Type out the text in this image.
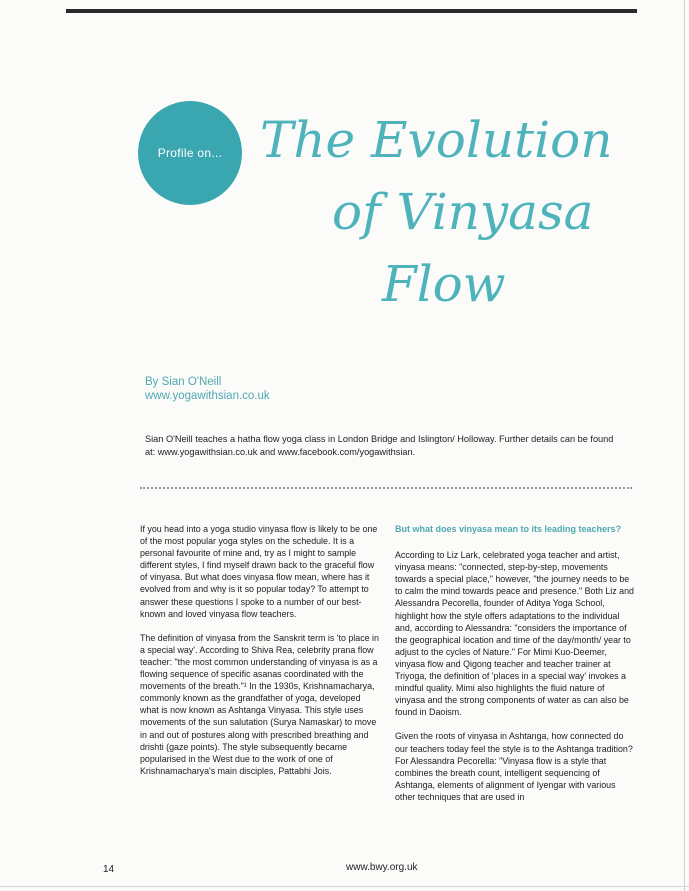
Profile on... The Evolution
of Vinyasa
Flow
By Sian O'Neill
www.yogawithsian.co.uk
Sian O'Neill teaches a hatha flow yoga class in London Bridge and Islington/ Holloway. Further details can be found at: www.yogawithsian.co.uk and www.facebook.com/yogawithsian.

If you head into a yoga studio vinyasa flow is likely to be one of the most popular yoga styles on the schedule. It is a personal favourite of mine and, try as I might to sample different styles, I find myself drawn back to the graceful flow of vinyasa. But what does vinyasa flow mean, where has it evolved from and why is it so popular today? To attempt to answer these questions I spoke to a number of our best-known and loved vinyasa flow teachers.

The definition of vinyasa from the Sanskrit term is 'to place in a special way'. According to Shiva Rea, celebrity prana flow teacher: "the most common understanding of vinyasa is as a flowing sequence of specific asanas coordinated with the movements of the breath."¹ In the 1930s, Krishnamacharya, commonly known as the grandfather of yoga, developed what is now known as Ashtanga Vinyasa. This style uses movements of the sun salutation (Surya Namaskar) to move in and out of postures along with prescribed breathing and drishti (gaze points). The style subsequently became popularised in the West due to the work of one of Krishnamacharya's main disciples, Pattabhi Jois.

But what does vinyasa mean to its leading teachers?

According to Liz Lark, celebrated yoga teacher and artist, vinyasa means: "connected, step-by-step, movements towards a special place," however, "the journey needs to be to calm the mind towards peace and presence." Both Liz and Alessandra Pecorella, founder of Aditya Yoga School, highlight how the style offers adaptations to the individual and, according to Alessandra: "considers the importance of the geographical location and time of the day/month/ year to adjust to the cycles of Nature." For Mimi Kuo-Deemer, vinyasa flow and Qigong teacher and teacher trainer at Triyoga, the definition of 'places in a special way' invokes a mindful quality. Mimi also highlights the fluid nature of vinyasa and the strong components of water as can also be found in Daoism.

Given the roots of vinyasa in Ashtanga, how connected do our teachers today feel the style is to the Ashtanga tradition? For Alessandra Pecorella: "Vinyasa flow is a style that combines the breath count, intelligent sequencing of Ashtanga, elements of alignment of Iyengar with various other techniques that are used in

14	www.bwy.org.uk
